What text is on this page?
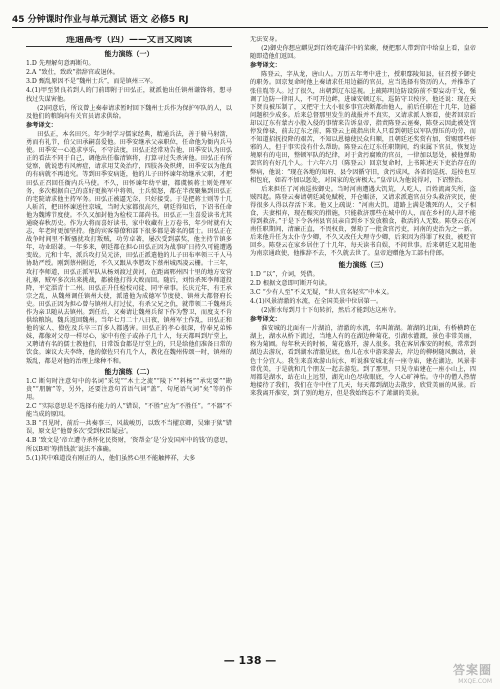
45 分钟课时作业与单元测试 语文 必修5 RJ
连通高考（四）——文言文阅读
能力演练（一）

1.D 先理解句意再断句。

2.A “致仕，致政”指辞官或退休。

3.D 甄乱原因不是“魏州士兵”，而是镇州三军。

4.(1)甲至贤良若到人的门前即附于田弘正，就派他出任镇州谦锋将，想寻找过失谋害他。

(2)同意后，所议曾上奏奉请求暂时回下魏州士兵作为保护军队的人，以及他们的粮饷向有关官员请求供给。

参考译文：

田弘正，本名田兴。年少时学习儒家经典，精通兵法，善于骑马射箭，勇而有礼节，伯父田承嗣喜爱他。田季安继承父亲职位，任命他为衙内兵马使。田季安一心追求享乐，不守法度，田弘正经常劝告他，田季安认为田弘正的看法不同于自己，调他出任临清镇将，打算寻过失杀害他。田弘正有所觉察，就说患有风痹症，请求用艾灸治疗，四肢各灸炽烤，田季安以为他真的有病就不再追究。等到田季安病逝，他的儿子田怀谏年幼继承父职，才把田弘正召回任衙内兵马使。不久，田怀谏年幼平庸，都虞候蒋士则处理军务，多次根据自己的喜好更换军中将领，士兵愤怒，都在半夜聚集到田弘正的宅院请求他主持军务。田弘正被逼无奈，只好接受。于是把蒋士则等十几人斩首，把田怀谏送往京城，当时大家都很高兴，朝廷得知后，下诏书任命他为魏博节度使。不久又加封他为检校工部尚书。田弘正一生喜爱读书尤其通晓春秋历史。作为大将而喜好读书，家中收藏有上万卷书，年少时就有大志，年老时更加坚持。他的宾客幕僚和部下很多都是著名的儒士。田弘正在战争时间里不断骚扰攻打叛贼，功劳卓著，屡次受到嘉奖，他主持节镇多年，功业昭著。一年多来，朝廷都在担心田弘正因为战事旷日持久可能遭遇变故。元和十年，派兵攻打吴元济，田弘正派遣他的儿子田布率领三千人马协助严绶。刚到蔡州附近，不久又跟从李愬攻下蔡州城西凌云栅。十三年，攻打李师道，田弘正派军队从杨刘渡过黄河，在距离郓州四十里的地方安营扎寨，贼军多次出来挑战，都被他打得大败而回。随后，刘悟杀死李师道投降，平定淄青十二州。田弘正升任检校司徒、同平章事。长庆元年，有王承宗之乱，从魏州调任镇州大使，派遣他为成德军节度使、镇州大都督府长史。田弘正因为担心曾与镇州人打过仗，有杀父兄之仇，就带领二千魏州兵作为亲卫随从去镇州。到任后，又奏请让魏州兵留下作为警卫，而度支不肯供给粮饷。魏兵返回魏州。当年七月二十八日夜，镇州军士作乱，田弘正和他的家人、僚佐及兵卒三百多人都遇害。田弘正的孝心很深，侍奉兄弟姊妹，都像对父母一样尽心，家中有侄子或孙子几十人，每天都叫到厅堂上，又聘请有名的儒士教他们，日常饭食都是厅堂上的，只是给他们准备日常的饮食。谏议大夫李绛，他的僚佐只有几个人，教化在魏州传颂一时，镇州的叛乱，都是对他的治理上缘种不和。

能力演练（二）

1.C 断句时注意句中的名词“采宪”“木土之流”“陵下”“料杨”“承宪要”“勘贵”“朋腑”等，另外，还要注意句首语气词“盖”、句尾语气词“矣”等的作用。

2.C “实际意思是不选择有能力的人”错误，“不胜”应为“不胜任”。“不器”不能当成的原因。

3.B “召见时，前后一共奏事三，风裁峻历，以致不当擢京卿，吴臻于狱”错误，原文是“他曾多次‘受到权臣疑忌’。

4.B ‘致文是’帝立遭寺杀怀化民资财，‘资帮金’是‘分发国库中的钱’的意思，所以B项‘筹措钱款’说法不准确。

5.(1)其中难道没有刚正的人，他们虽然心里不能触摔祥，大多

无法安身。

(2)御史你想应麒见到百姓吃蒲洋中的菜蕨，便把那人带到宫中给皇上看，皇帝随即造他们返回。

参考译文：

陈登云，字从龙，唐山人。万历五年考中进士，授职鄢陵知县，征召授予御史的职务。回京复命时他上奏请求任用边疆的官员，应当选择有资历的人，并推举了张佳胤等人。过了很久，出朝到辽东巡视。上疏陈明边防设防前不要妄动干戈，强调了边防一律用人，不可开边衅，进谏安顿辽东，巡防守卫按序，他还说：现在天下贤良被压制了，又把守土大小很多事宜决断都由他人，前后任职在十几年，边疆问题积少成多。后来总督那里发生的战报并不真实，又请求派人察看，使者回京后却以辽东有蒙古小股入侵的事情来告诉皇帝，指责陈登云诬奏，陈登云因此被处罚停发俸禄，前去辽东之前，陈登云上疏指出世人只看到朝廷以军队弹压的功劳，而不知道招抚投降的艰苦，不知以恩德使民众归顺，且朝廷还奖赏有加，赏赐那些奸邪的人，但于事实没有什么帮助。陈登云在辽东任职期间，约束属下官员，恢复边境原有的屯田，整顿军队的纪律，对于贪污腐败的官员，一律加以惩处，被他弹劾罢官的有好几个人。十六年六月（陈登云）回京复命时，上书陈述天下吏治存在的弊病，他说：“现在各地的知府、县令因循守旧，贪污成风，各省的巡抚、巡按也互相包庇，如若不加以惩处，对国家的危害极大。”皇帝认为他说得对，下诏整治。

后来担任了河南巡按御史。当时河南遭遇大饥荒，人吃人，百姓流离失所，盗贼四起。陈登云奏请朝廷减免赋税，开仓赈济，又请求派遣官员分头救济灾民，使得很多人得以存活下来。他又上疏说：“河南大饥，道路上满是饿死的人，父子相食，夫妻相弃，现在赈灾的措施，只能救济那些在城中的人，而在乡村的人却不能得到救济。”于是下令各州县官员亲自到乡下发放粮食，救活的人无数。陈登云在河南任职期间，清廉正直，不畏权贵，弹劾了一批贪官污吏，河南的吏治为之一新。后来他升任为太仆寺少卿，不久又改任大理寺少卿，后来因为得罪了权贵，被贬官回乡。陈登云在家乡居住了十几年，每天读书自娱，不问世事。后来朝廷又起用他为南京通政使，他推辞不去，不久就去世了。皇帝追赠他为工部右侍郎。

能力演练（三）

1.D “以”，介词，凭借。

2.D 根据文意即可断开句读。

3.C “少有人至”不义无疑，“世人宜名轻实”中本义。

4.(1)风景清澈的水流，在全国美景中位居第一。

(2)浙水每到月十下旬转折，然后才能到达这座寺。

参考译文：

淮安城的北面有一片湖泊，清澈的水流，名叫萧湖。萧湖的北面，有桥横跨在湖上，湖水从桥下流过，当地人有的在湖边种菊花，引湖水灌溉，景色非常美丽，称为菊圃。每年秋天的时候，菊花盛开，游人很多。我在客居淮安的时候，常常到湖边去游玩，看到湖水清澈见底，鱼儿在水中游来游去，岸边的柳树随风飘动，景色十分宜人。我生来喜欢游山玩水，听说淮安城北有一座寺庙，建在湖边，风景非常优美，于是就和几个朋友一起去游览。到了那里，只见寺庙建在一座小山上，四周都是湖水，站在山上远望，湖光山色尽收眼底，令人心旷神怡。寺中的僧人热情地接待了我们，我们在寺中住了几天，每天都到湖边去散步，欣赏美丽的风景。后来我离开淮安，到了别的地方，但是我始终忘不了萧湖的美景。

— 138 —
答案圈
MXQE.COM
